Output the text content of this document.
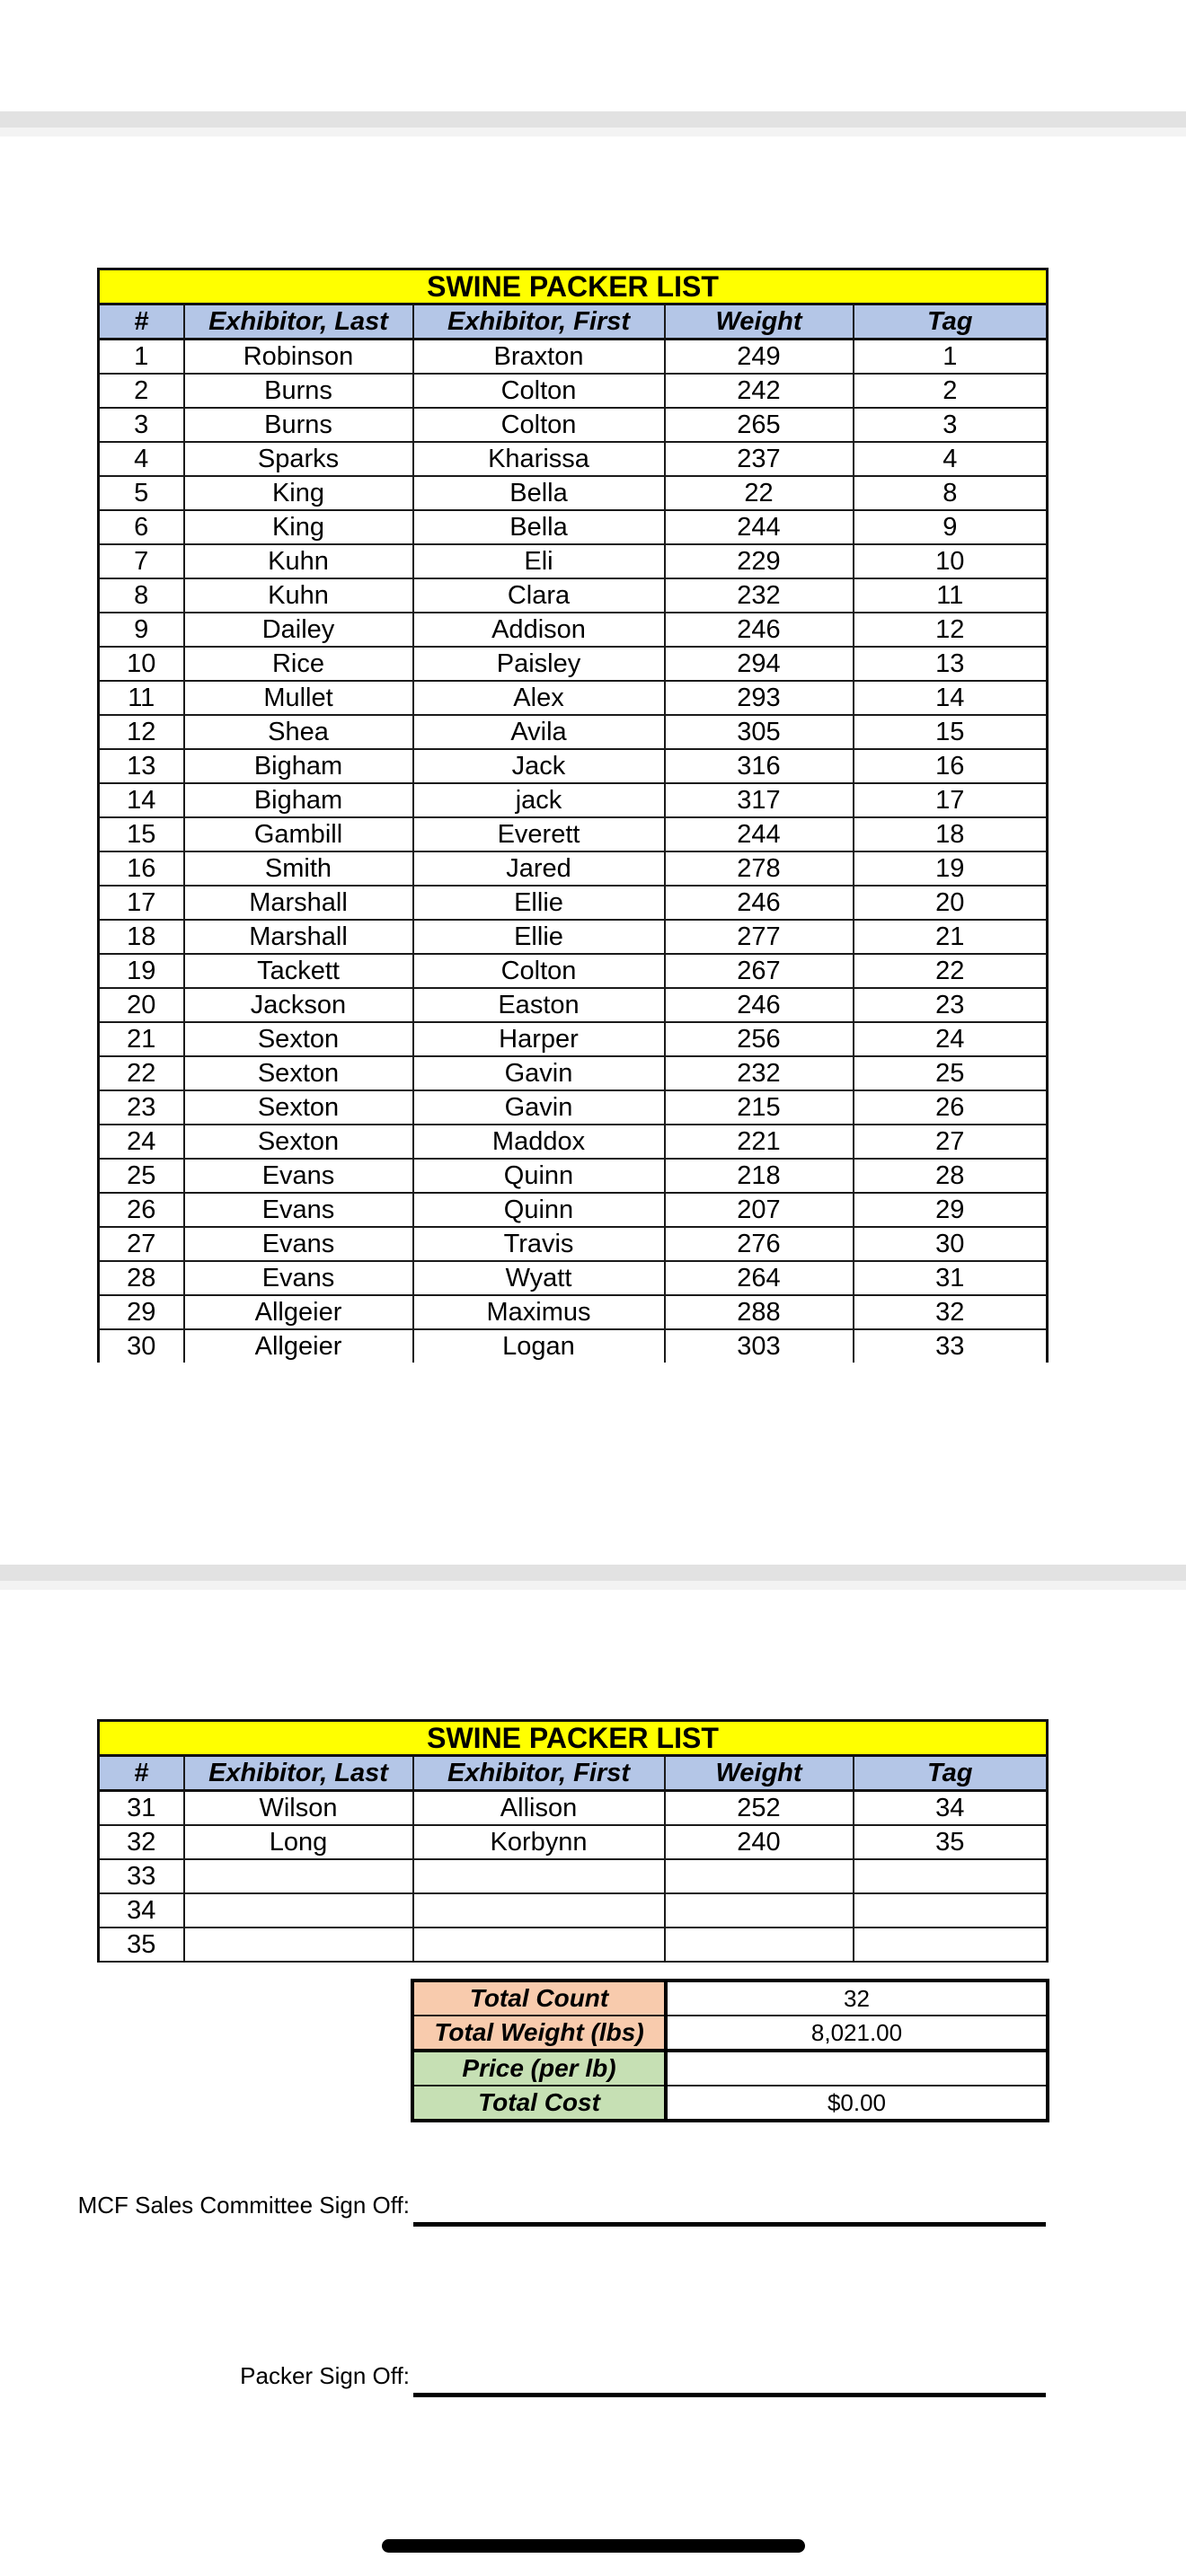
SWINE PACKER LIST				
#	Exhibitor, Last	Exhibitor, First	Weight	Tag
1	Robinson	Braxton	249	1
2	Burns	Colton	242	2
3	Burns	Colton	265	3
4	Sparks	Kharissa	237	4
5	King	Bella	22	8
6	King	Bella	244	9
7	Kuhn	Eli	229	10
8	Kuhn	Clara	232	11
9	Dailey	Addison	246	12
10	Rice	Paisley	294	13
11	Mullet	Alex	293	14
12	Shea	Avila	305	15
13	Bigham	Jack	316	16
14	Bigham	jack	317	17
15	Gambill	Everett	244	18
16	Smith	Jared	278	19
17	Marshall	Ellie	246	20
18	Marshall	Ellie	277	21
19	Tackett	Colton	267	22
20	Jackson	Easton	246	23
21	Sexton	Harper	256	24
22	Sexton	Gavin	232	25
23	Sexton	Gavin	215	26
24	Sexton	Maddox	221	27
25	Evans	Quinn	218	28
26	Evans	Quinn	207	29
27	Evans	Travis	276	30
28	Evans	Wyatt	264	31
29	Allgeier	Maximus	288	32
30	Allgeier	Logan	303	33
SWINE PACKER LIST				
#	Exhibitor, Last	Exhibitor, First	Weight	Tag
31	Wilson	Allison	252	34
32	Long	Korbynn	240	35
33				
34				
35				
Total Count	32
Total Weight (lbs)	8,021.00
Price (per lb)	
Total Cost	$0.00
MCF Sales Committee Sign Off:
Packer Sign Off:
